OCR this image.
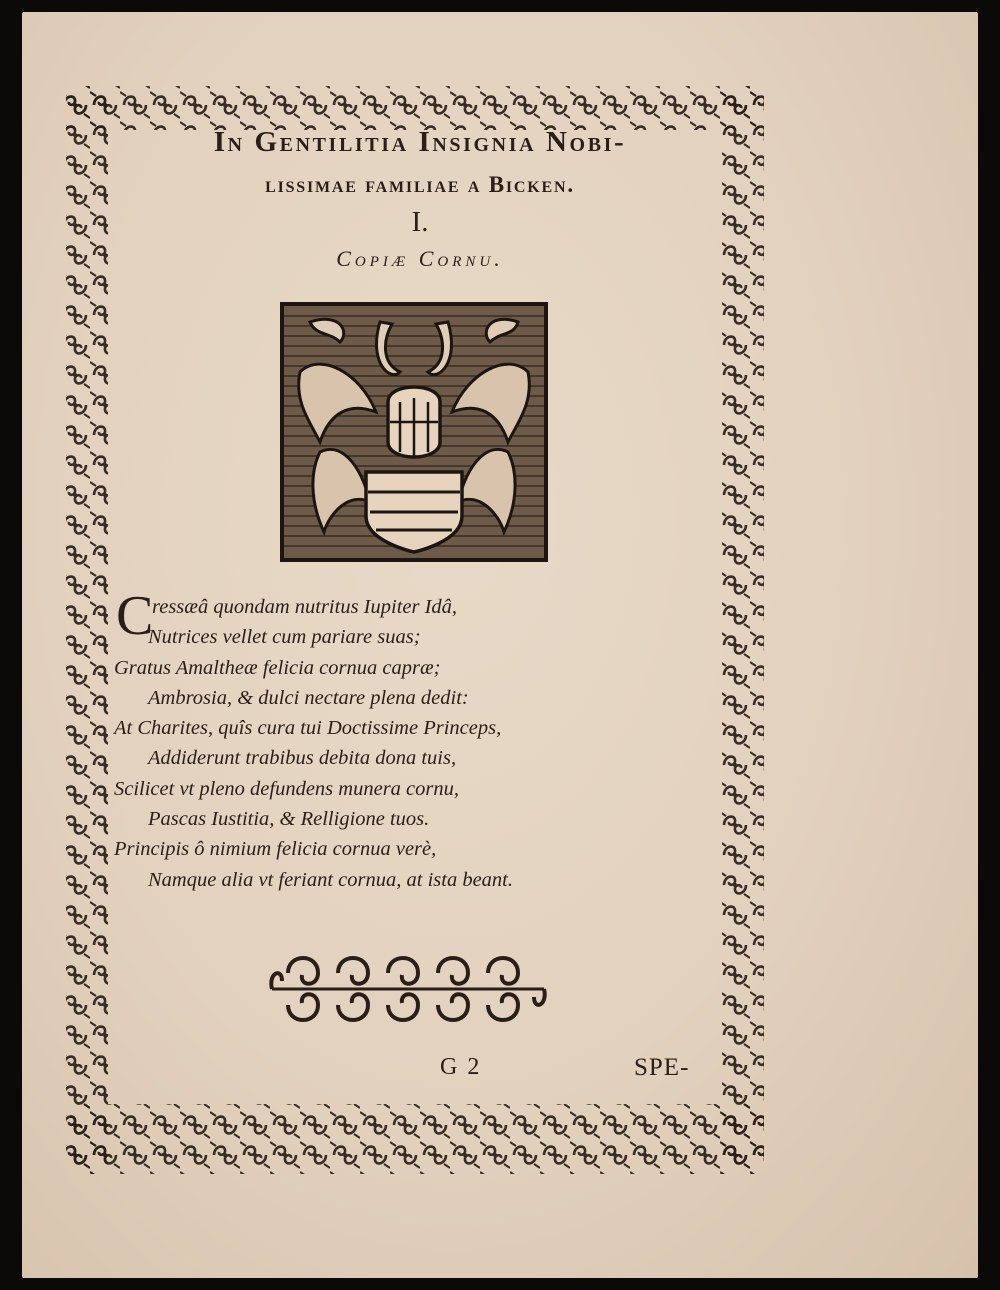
In Gentilitia Insignia Nobi-
lissimae familiae a Bicken.
I.
Copiæ Cornu.
C
ressæâ quondam nutritus Iupiter Idâ,
Nutrices vellet cum pariare suas;
Gratus Amaltheæ felicia cornua capræ;
Ambrosia, & dulci nectare plena dedit:
At Charites, quîs cura tui Doctissime Princeps,
Addiderunt trabibus debita dona tuis,
Scilicet vt pleno defundens munera cornu,
Pascas Iustitia, & Relligione tuos.
Principis ô nimium felicia cornua verè,
Namque alia vt feriant cornua, at ista beant.
G 2	SPE-
